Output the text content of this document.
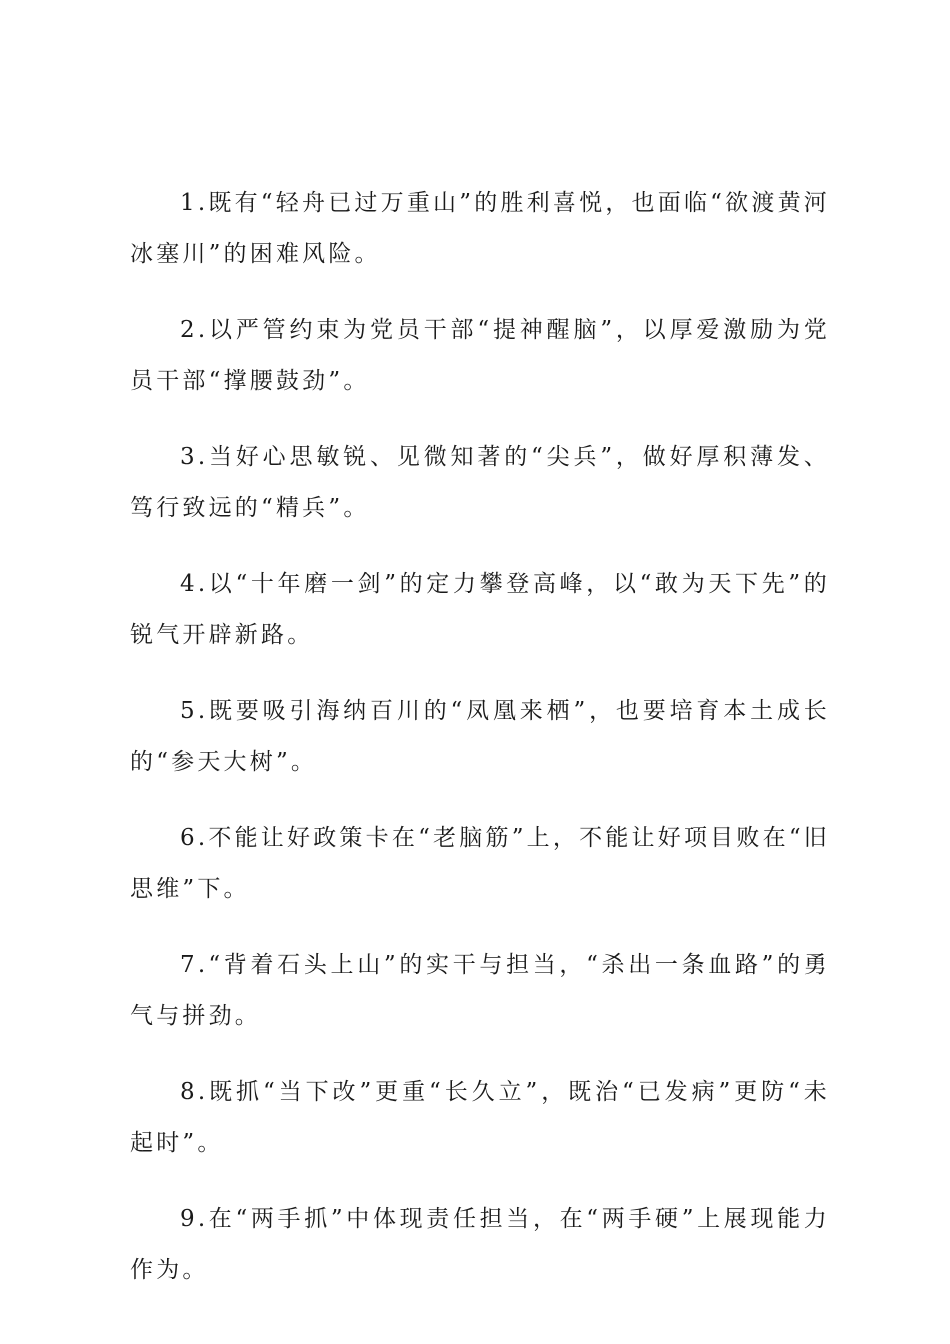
1.既有“轻舟已过万重山”的胜利喜悦，也面临“欲渡黄河冰塞川”的困难风险。

2.以严管约束为党员干部“提神醒脑”，以厚爱激励为党员干部“撑腰鼓劲”。

3.当好心思敏锐、见微知著的“尖兵”，做好厚积薄发、笃行致远的“精兵”。

4.以“十年磨一剑”的定力攀登高峰，以“敢为天下先”的锐气开辟新路。

5.既要吸引海纳百川的“凤凰来栖”，也要培育本土成长的“参天大树”。

6.不能让好政策卡在“老脑筋”上，不能让好项目败在“旧思维”下。

7.“背着石头上山”的实干与担当，“杀出一条血路”的勇气与拼劲。

8.既抓“当下改”更重“长久立”，既治“已发病”更防“未起时”。

9.在“两手抓”中体现责任担当，在“两手硬”上展现能力作为。
